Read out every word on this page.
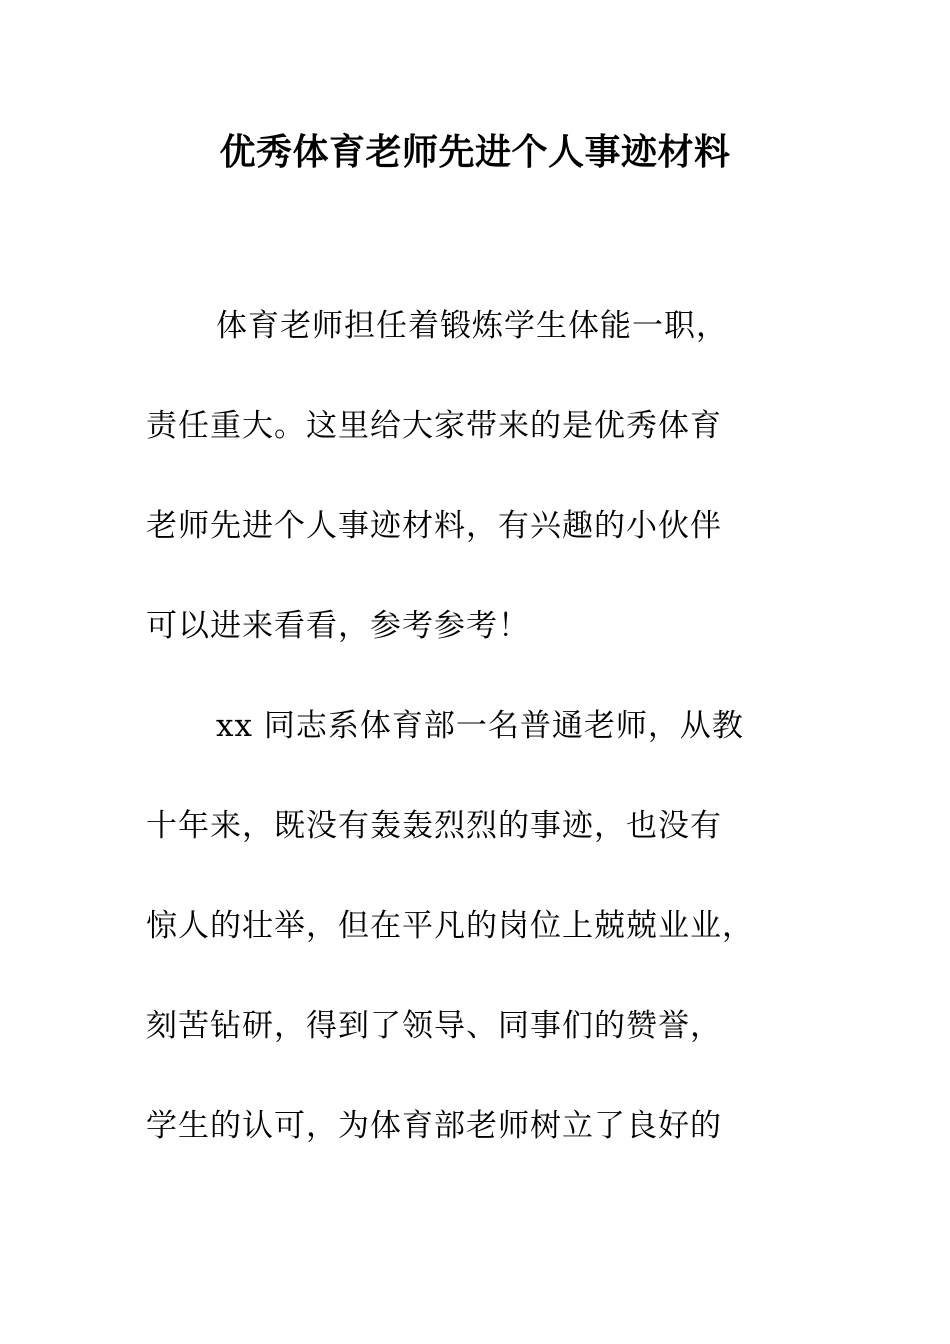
优秀体育老师先进个人事迹材料
体育老师担任着锻炼学生体能一职，
责任重大。这里给大家带来的是优秀体育
老师先进个人事迹材料，有兴趣的小伙伴
可以进来看看，参考参考！
xx 同志系体育部一名普通老师，从教
十年来，既没有轰轰烈烈的事迹，也没有
惊人的壮举，但在平凡的岗位上兢兢业业，
刻苦钻研，得到了领导、同事们的赞誉，
学生的认可，为体育部老师树立了良好的
